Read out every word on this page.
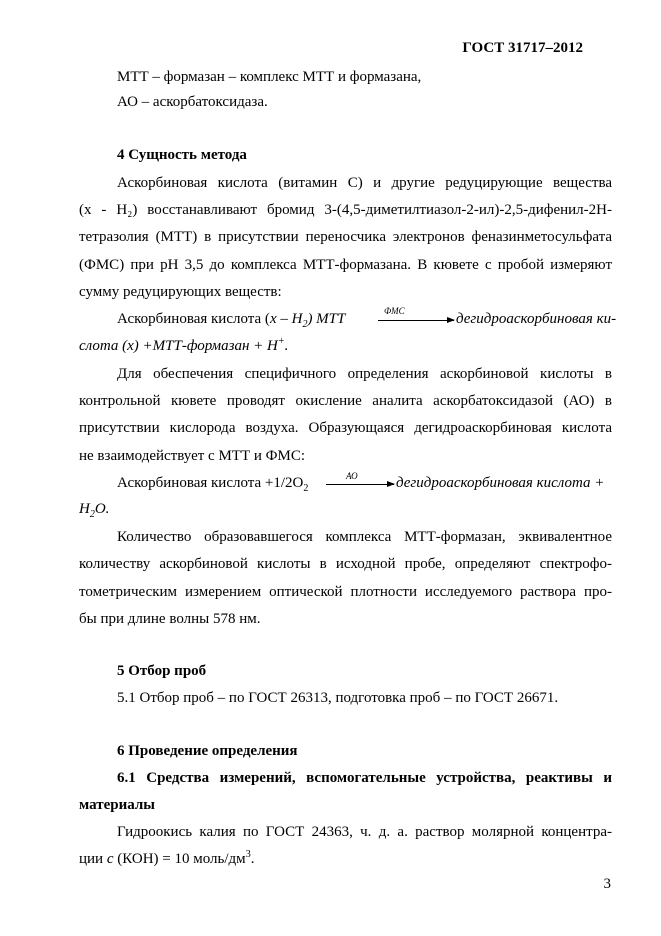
ГОСТ 31717–2012
МТТ – формазан – комплекс МТТ и формазана,
АО – аскорбатоксидаза.
4 Сущность метода
Аскорбиновая кислота (витамин С) и другие редуцирующие вещества
(х - Н₂) восстанавливают бромид 3-(4,5-диметилтиазол-2-ил)-2,5-дифенил-2Н-
тетразолия (МТТ) в присутствии переносчика электронов феназинметосульфата
(ФМС) при рН 3,5 до комплекса МТТ-формазана. В кювете с пробой измеряют
сумму редуцирующих веществ:
Аскорбиновая кислота $(х - Н_2)$ МТТ	ФМС	дегидроаскорбиновая ки-
слота (х) +МТТ-формазан + Н+.
Для обеспечения специфичного определения аскорбиновой кислоты в
контрольной кювете проводят окисление аналита аскорбатоксидазой (АО) в
присутствии кислорода воздуха. Образующаяся дегидроаскорбиновая кислота
не взаимодействует с МТТ и ФМС:
Аскорбиновая кислота $+1/2O_2$
АО	дегидроаскорбиновая кислота +
$Н_2О$.
Количество образовавшегося комплекса МТТ-формазан, эквивалентное
количеству аскорбиновой кислоты в исходной пробе, определяют спектрофо-
тометрическим измерением оптической плотности исследуемого раствора про-
бы при длине волны 578 нм.
5 Отбор проб
5.1 Отбор проб – по ГОСТ 26313, подготовка проб – по ГОСТ 26671.
6 Проведение определения
6.1 Средства измерений, вспомогательные устройства, реактивы и
материалы
Гидроокись калия по ГОСТ 24363, ч. д. а. раствор молярной концентра-
ции c (КОН) = 10 моль/$дм^3$.
3
